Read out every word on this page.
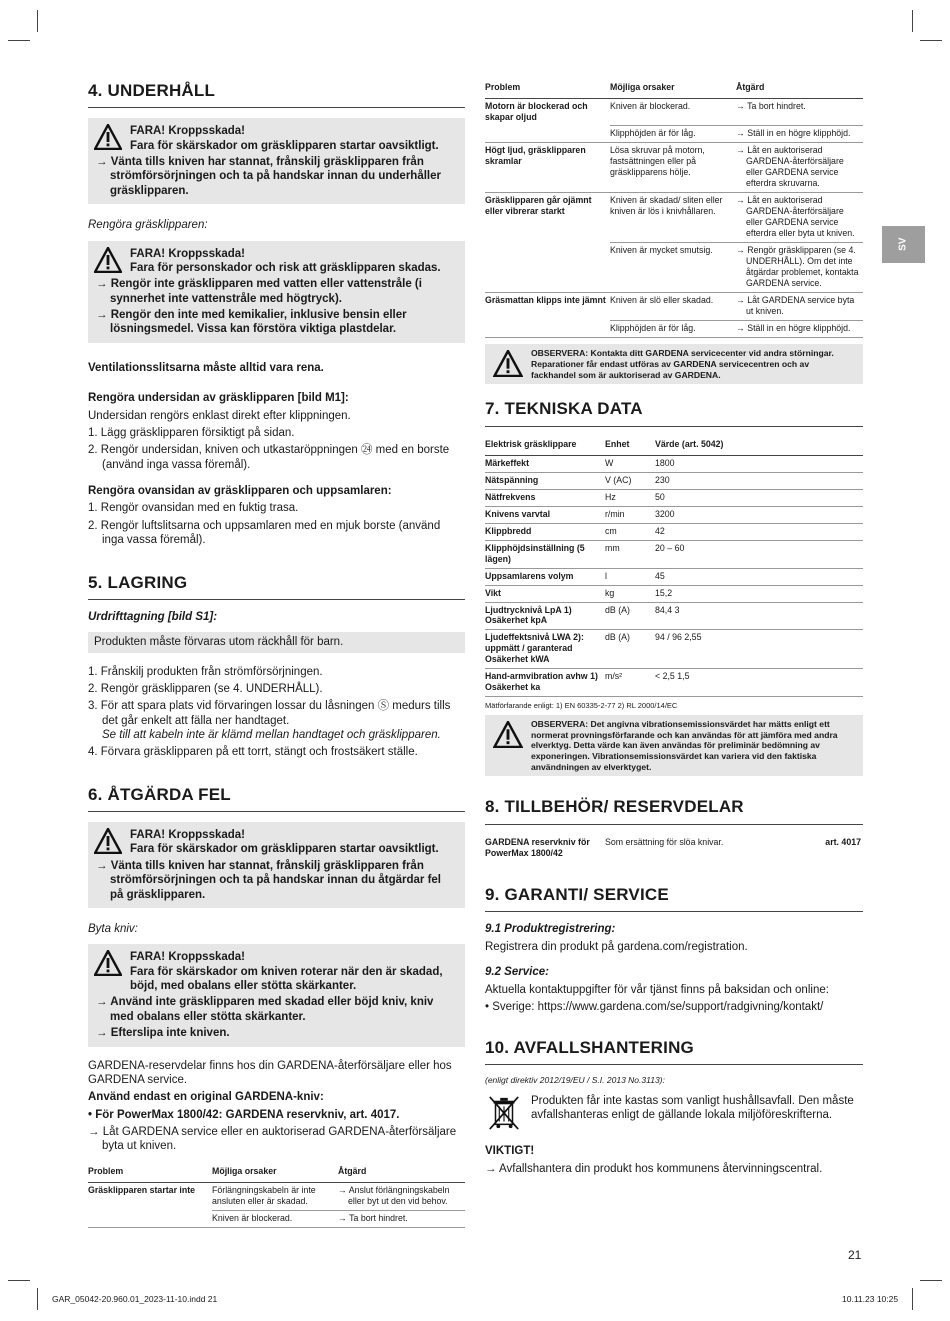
SV
4. UNDERHÅLL
FARA! Kroppsskada!
Fara för skärskador om gräsklipparen startar oavsiktligt.
→ Vänta tills kniven har stannat, frånskilj gräsklipparen från strömförsörjningen och ta på handskar innan du underhåller gräsklipparen.
Rengöra gräsklipparen:
FARA! Kroppsskada!
Fara för personskador och risk att gräsklipparen skadas.
→ Rengör inte gräsklipparen med vatten eller vattenstråle (i synnerhet inte vattenstråle med högtryck).
→ Rengör den inte med kemikalier, inklusive bensin eller lösningsmedel. Vissa kan förstöra viktiga plastdelar.

Ventilationsslitsarna måste alltid vara rena.

Rengöra undersidan av gräsklipparen [bild M1]:

Undersidan rengörs enklast direkt efter klippningen.

1. Lägg gräsklipparen försiktigt på sidan.

2. Rengör undersidan, kniven och utkastaröppningen ㉔ med en borste (använd inga vassa föremål).

Rengöra ovansidan av gräsklipparen och uppsamlaren:

1. Rengör ovansidan med en fuktig trasa.

2. Rengör luftslitsarna och uppsamlaren med en mjuk borste (använd inga vassa föremål).

5. LAGRING
Urdrifttagning [bild S1]:
Produkten måste förvaras utom räckhåll för barn.

1. Frånskilj produkten från strömförsörjningen.

2. Rengör gräsklipparen (se 4. UNDERHÅLL).

3. För att spara plats vid förvaringen lossar du låsningen Ⓢ medurs tills det går enkelt att fälla ner handtaget.
Se till att kabeln inte är klämd mellan handtaget och gräsklipparen.

4. Förvara gräsklipparen på ett torrt, stängt och frostsäkert ställe.

6. ÅTGÄRDA FEL
FARA! Kroppsskada!
Fara för skärskador om gräsklipparen startar oavsiktligt.
→ Vänta tills kniven har stannat, frånskilj gräsklipparen från strömförsörjningen och ta på handskar innan du åtgärdar fel på gräsklipparen.
Byta kniv:
FARA! Kroppsskada!
Fara för skärskador om kniven roterar när den är skadad, böjd, med obalans eller stötta skärkanter.
→ Använd inte gräsklipparen med skadad eller böjd kniv, kniv med obalans eller stötta skärkanter.
→ Efterslipa inte kniven.

GARDENA-reservdelar finns hos din GARDENA-återförsäljare eller hos GARDENA service.

Använd endast en original GARDENA-kniv:

• För PowerMax 1800/42: GARDENA reservkniv, art. 4017.

→ Låt GARDENA service eller en auktoriserad GARDENA-återförsäljare byta ut kniven.

Problem	Möjliga orsaker	Åtgärd
Gräsklipparen startar inte	Förlängningskabeln är inte ansluten eller är skadad.	→ Anslut förlängningskabeln eller byt ut den vid behov.
	Kniven är blockerad.	→ Ta bort hindret.
Problem	Möjliga orsaker	Åtgärd
Motorn är blockerad och skapar oljud	Kniven är blockerad.	→ Ta bort hindret.
	Klipphöjden är för låg.	→ Ställ in en högre klipphöjd.
Högt ljud, gräsklipparen skramlar	Lösa skruvar på motorn, fastsättningen eller på gräsklipparens hölje.	→ Låt en auktoriserad GARDENA-återförsäljare eller GARDENA service efterdra skruvarna.
Gräsklipparen går ojämnt eller vibrerar starkt	Kniven är skadad/ sliten eller kniven är lös i knivhållaren.	→ Låt en auktoriserad GARDENA-återförsäljare eller GARDENA service efterdra eller byta ut kniven.
	Kniven är mycket smutsig.	→ Rengör gräsklipparen (se 4. UNDERHÅLL). Om det inte åtgärdar problemet, kontakta GARDENA service.
Gräsmattan klipps inte jämnt	Kniven är slö eller skadad.	→ Låt GARDENA service byta ut kniven.
	Klipphöjden är för låg.	→ Ställ in en högre klipphöjd.
OBSERVERA: Kontakta ditt GARDENA servicecenter vid andra störningar. Reparationer får endast utföras av GARDENA servicecentren och av fackhandel som är auktoriserad av GARDENA.
7. TEKNISKA DATA
Elektrisk gräsklippare	Enhet	Värde (art. 5042)
Märkeffekt	W	1800
Nätspänning	V (AC)	230
Nätfrekvens	Hz	50
Knivens varvtal	r/min	3200
Klippbredd	cm	42
Klipphöjdsinställning (5 lägen)	mm	20 – 60
Uppsamlarens volym	l	45
Vikt	kg	15,2
Ljudtrycknivå LpA 1) Osäkerhet kpA	dB (A)	84,4 3
Ljudeffektsnivå LWA 2): uppmätt / garanterad Osäkerhet kWA	dB (A)	94 / 96 2,55
Hand-armvibration avhw 1) Osäkerhet ka	m/s²	< 2,5 1,5
Mätförfarande enligt: 1) EN 60335-2-77 2) RL 2000/14/EC
OBSERVERA: Det angivna vibrationsemissionsvärdet har mätts enligt ett normerat provningsförfarande och kan användas för att jämföra med andra elverktyg. Detta värde kan även användas för preliminär bedömning av exponeringen. Vibrationsemissionsvärdet kan variera vid den faktiska användningen av elverktyget.
8. TILLBEHÖR/ RESERVDELAR
GARDENA reservkniv för PowerMax 1800/42	Som ersättning för slöa knivar.	art. 4017
9. GARANTI/ SERVICE
9.1 Produktregistrering:

Registrera din produkt på gardena.com/registration.

9.2 Service:

Aktuella kontaktuppgifter för vår tjänst finns på baksidan och online:

• Sverige: https://www.gardena.com/se/support/radgivning/kontakt/

10. AVFALLSHANTERING

(enligt direktiv 2012/19/EU / S.I. 2013 No.3113):

Produkten får inte kastas som vanligt hushållsavfall. Den måste avfallshanteras enligt de gällande lokala miljöföreskrifterna.

VIKTIGT!

→ Avfallshantera din produkt hos kommunens återvinningscentral.

21
GAR_05042-20.960.01_2023-11-10.indd 21	10.11.23 10:25
